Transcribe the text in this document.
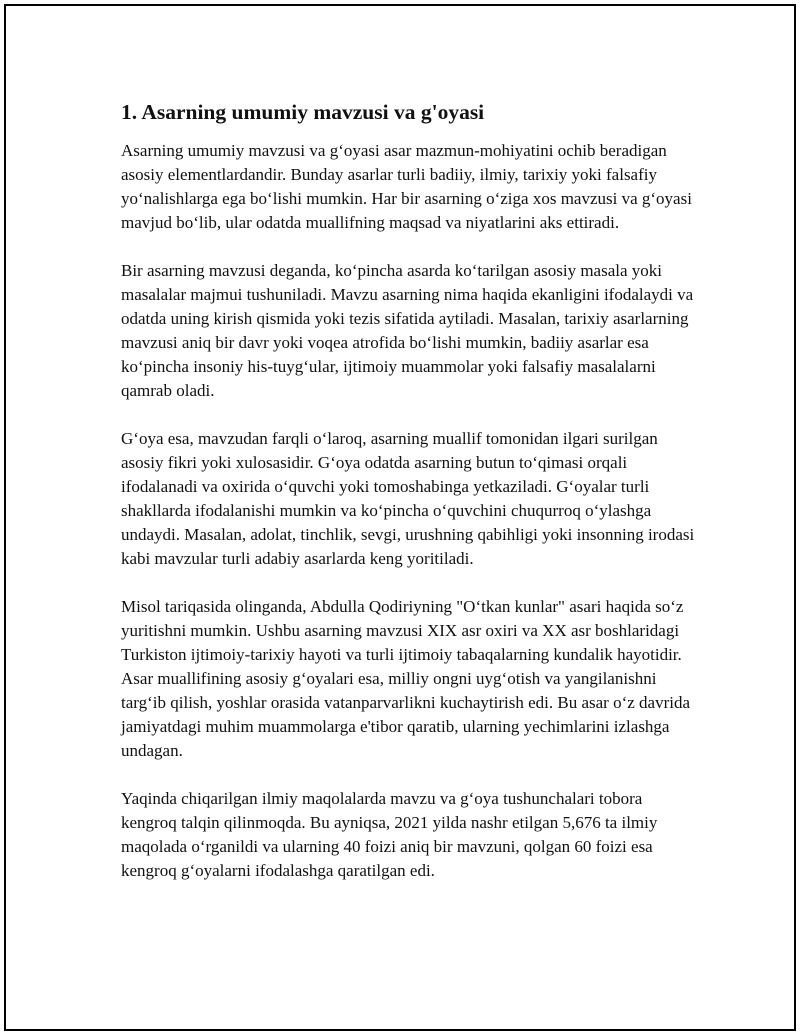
1. Asarning umumiy mavzusi va g'oyasi

Asarning umumiy mavzusi va g‘oyasi asar mazmun-mohiyatini ochib beradigan asosiy elementlardandir. Bunday asarlar turli badiiy, ilmiy, tarixiy yoki falsafiy yo‘nalishlarga ega bo‘lishi mumkin. Har bir asarning o‘ziga xos mavzusi va g‘oyasi mavjud bo‘lib, ular odatda muallifning maqsad va niyatlarini aks ettiradi.

Bir asarning mavzusi deganda, ko‘pincha asarda ko‘tarilgan asosiy masala yoki masalalar majmui tushuniladi. Mavzu asarning nima haqida ekanligini ifodalaydi va odatda uning kirish qismida yoki tezis sifatida aytiladi. Masalan, tarixiy asarlarning mavzusi aniq bir davr yoki voqea atrofida bo‘lishi mumkin, badiiy asarlar esa ko‘pincha insoniy his-tuyg‘ular, ijtimoiy muammolar yoki falsafiy masalalarni qamrab oladi.

G‘oya esa, mavzudan farqli o‘laroq, asarning muallif tomonidan ilgari surilgan asosiy fikri yoki xulosasidir. G‘oya odatda asarning butun to‘qimasi orqali ifodalanadi va oxirida o‘quvchi yoki tomoshabinga yetkaziladi. G‘oyalar turli shakllarda ifodalanishi mumkin va ko‘pincha o‘quvchini chuqurroq o‘ylashga undaydi. Masalan, adolat, tinchlik, sevgi, urushning qabihligi yoki insonning irodasi kabi mavzular turli adabiy asarlarda keng yoritiladi.

Misol tariqasida olinganda, Abdulla Qodiriyning "O‘tkan kunlar" asari haqida so‘z yuritishni mumkin. Ushbu asarning mavzusi XIX asr oxiri va XX asr boshlaridagi Turkiston ijtimoiy-tarixiy hayoti va turli ijtimoiy tabaqalarning kundalik hayotidir. Asar muallifining asosiy g‘oyalari esa, milliy ongni uyg‘otish va yangilanishni targ‘ib qilish, yoshlar orasida vatanparvarlikni kuchaytirish edi. Bu asar o‘z davrida jamiyatdagi muhim muammolarga e'tibor qaratib, ularning yechimlarini izlashga undagan.

Yaqinda chiqarilgan ilmiy maqolalarda mavzu va g‘oya tushunchalari tobora kengroq talqin qilinmoqda. Bu ayniqsa, 2021 yilda nashr etilgan 5,676 ta ilmiy maqolada o‘rganildi va ularning 40 foizi aniq bir mavzuni, qolgan 60 foizi esa kengroq g‘oyalarni ifodalashga qaratilgan edi.
